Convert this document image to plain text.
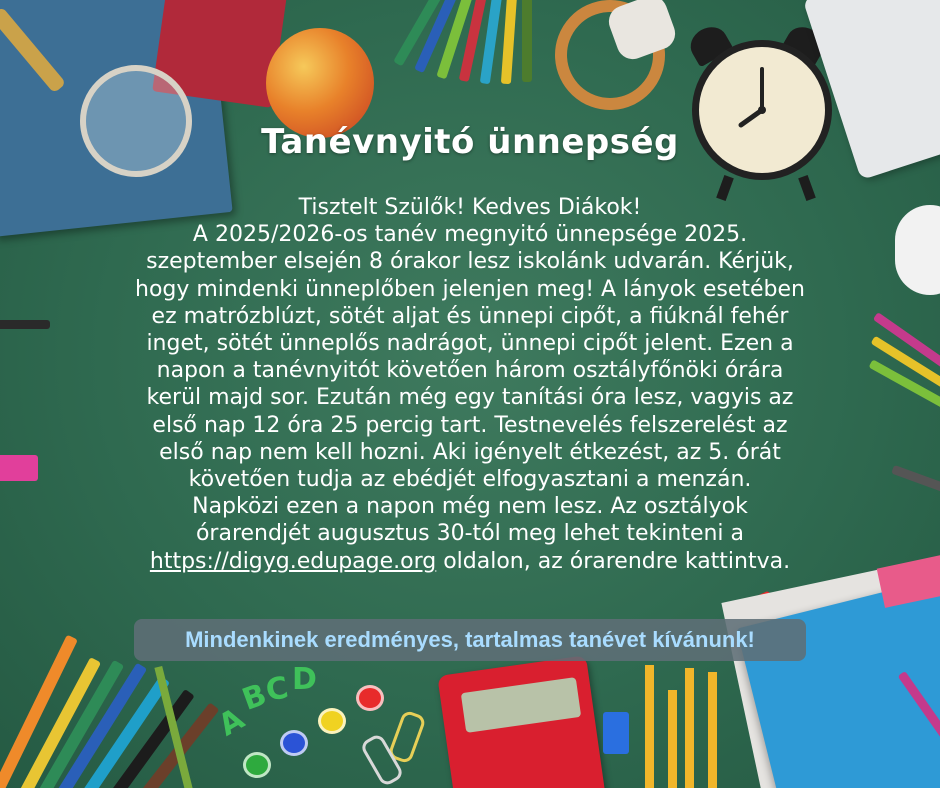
A
B
C D
Tanévnyitó ünnepség
Tisztelt Szülők! Kedves Diákok!
A 2025/2026-os tanév megnyitó ünnepsége 2025.
szeptember elsején 8 órakor lesz iskolánk udvarán. Kérjük,
hogy mindenki ünneplőben jelenjen meg! A lányok esetében
ez matrózblúzt, sötét aljat és ünnepi cipőt, a fiúknál fehér
inget, sötét ünneplős nadrágot, ünnepi cipőt jelent. Ezen a
napon a tanévnyitót követően három osztályfőnöki órára
kerül majd sor. Ezután még egy tanítási óra lesz, vagyis az
első nap 12 óra 25 percig tart. Testnevelés felszerelést az
első nap nem kell hozni. Aki igényelt étkezést, az 5. órát
követően tudja az ebédjét elfogyasztani a menzán.
Napközi ezen a napon még nem lesz. Az osztályok
órarendjét augusztus 30-tól meg lehet tekinteni a
https://digyg.edupage.org oldalon, az órarendre kattintva.
Mindenkinek eredményes, tartalmas tanévet kívánunk!
